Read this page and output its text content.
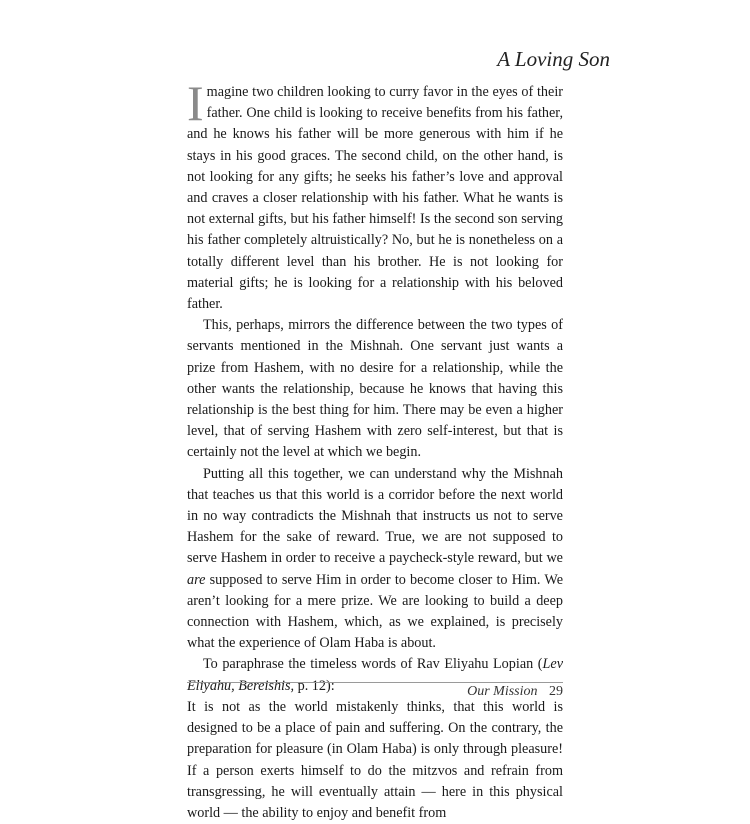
A Loving Son

Imagine two children looking to curry favor in the eyes of their father. One child is looking to receive benefits from his father, and he knows his father will be more generous with him if he stays in his good graces. The second child, on the other hand, is not looking for any gifts; he seeks his father’s love and approval and craves a closer relationship with his father. What he wants is not external gifts, but his father himself! Is the second son serving his father completely altruistically? No, but he is nonetheless on a totally different level than his brother. He is not looking for material gifts; he is looking for a relationship with his beloved father.

This, perhaps, mirrors the difference between the two types of servants mentioned in the Mishnah. One servant just wants a prize from Hashem, with no desire for a relationship, while the other wants the relationship, because he knows that having this relationship is the best thing for him. There may be even a higher level, that of serving Hashem with zero self-interest, but that is certainly not the level at which we begin.

Putting all this together, we can understand why the Mishnah that teaches us that this world is a corridor before the next world in no way contradicts the Mishnah that instructs us not to serve Hashem for the sake of reward. True, we are not supposed to serve Hashem in order to receive a paycheck-style reward, but we are supposed to serve Him in order to become closer to Him. We aren’t looking for a mere prize. We are looking to build a deep connection with Hashem, which, as we explained, is precisely what the experience of Olam Haba is about.

To paraphrase the timeless words of Rav Eliyahu Lopian (Lev Eliyahu, Bereishis, p. 12):

It is not as the world mistakenly thinks, that this world is designed to be a place of pain and suffering. On the contrary, the preparation for pleasure (in Olam Haba) is only through pleasure! If a person exerts himself to do the mitzvos and refrain from transgressing, he will eventually attain — here in this physical world — the ability to enjoy and benefit from

Our Mission 29
